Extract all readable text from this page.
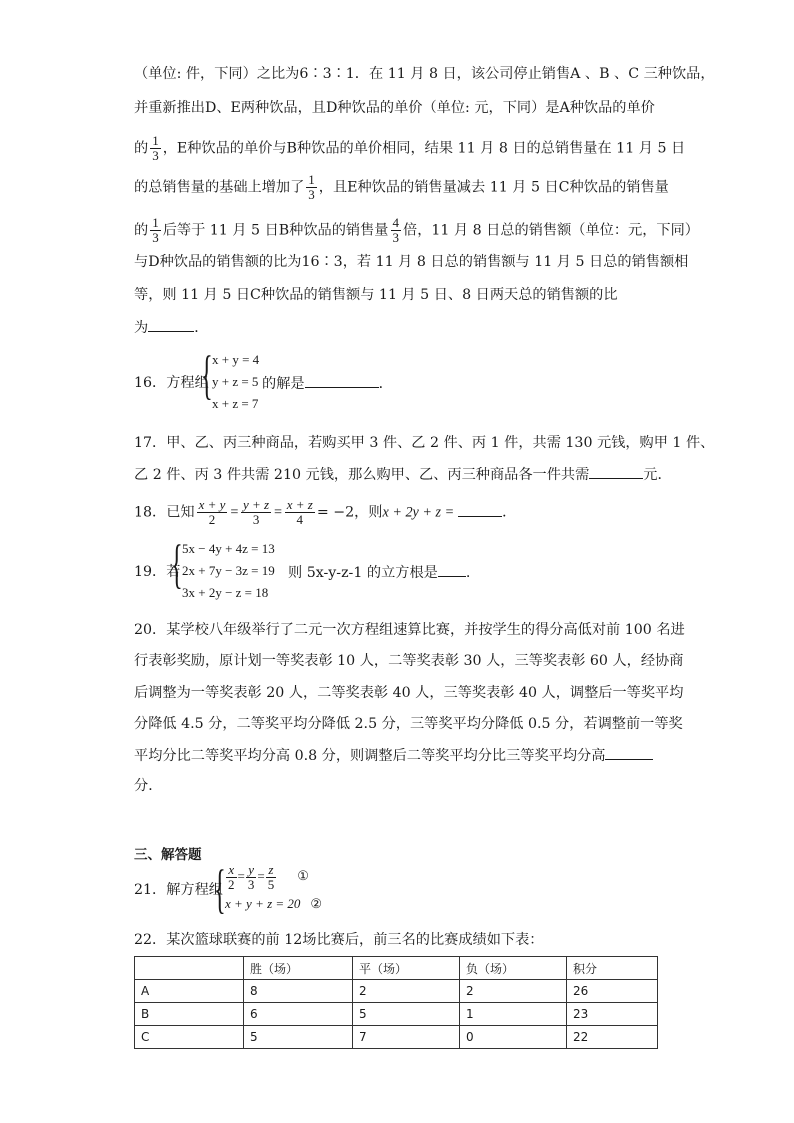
（单位: 件，下同）之比为6∶3∶1．在 11 月 8 日，该公司停止销售A 、B 、C 三种饮品，
并重新推出D、E两种饮品，且D种饮品的单价（单位: 元，下同）是A种饮品的单价
的 $\frac{1}{3}$ ，E种饮品的单价与B种饮品的单价相同，结果 11 月 8 日的总销售量在 11 月 5 日
的总销售量的基础上增加了 $\frac{1}{3}$ ，且E种饮品的销售量减去 11 月 5 日C种饮品的销售量
的 $\frac{1}{3}$ 后等于 11 月 5 日B种饮品的销售量 $\frac{4}{3}$ 倍，11 月 8 日总的销售额（单位：元，下同）
与D种饮品的销售额的比为16∶3，若 11 月 8 日总的销售额与 11 月 5 日总的销售额相
等，则 11 月 5 日C种饮品的销售额与 11 月 5 日、8 日两天总的销售额的比
为	．
16．方程组
{ x + y = 4
y + z = 5
x + z = 7
的解是	．
17．甲、乙、丙三种商品，若购买甲 3 件、乙 2 件、丙 1 件，共需 130 元钱，购甲 1 件、
乙 2 件、丙 3 件共需 210 元钱，那么购甲、乙、丙三种商品各一件共需	元．
18．已知 $\frac{x + y}{2} = \frac{y + z}{3} = \frac{x + z}{4} = -2$，则x + 2y + z =	．
19．若
{ 5x − 4y + 4z = 13
2x + 7y − 3z = 19
3x + 2y − z = 18
则 5x-y-z-1 的立方根是 .
20．某学校八年级举行了二元一次方程组速算比赛，并按学生的得分高低对前 100 名进
行表彰奖励，原计划一等奖表彰 10 人，二等奖表彰 30 人，三等奖表彰 60 人，经协商
后调整为一等奖表彰 20 人，二等奖表彰 40 人，三等奖表彰 40 人，调整后一等奖平均
分降低 4.5 分，二等奖平均分降低 2.5 分，三等奖平均分降低 0.5 分，若调整前一等奖
平均分比二等奖平均分高 0.8 分，则调整后二等奖平均分比三等奖平均分高
分．
三、解答题
21．解方程组
{ $\frac{x}{2} = \frac{y}{3} = \frac{z}{5}$ ①
x + y + z = 20 ②
22．某次篮球联赛的前 12场比赛后，前三名的比赛成绩如下表：
	胜（场）	平（场）	负（场）	积分
A	8	2	2	26
B	6	5	1	23
C	5	7	0	22
